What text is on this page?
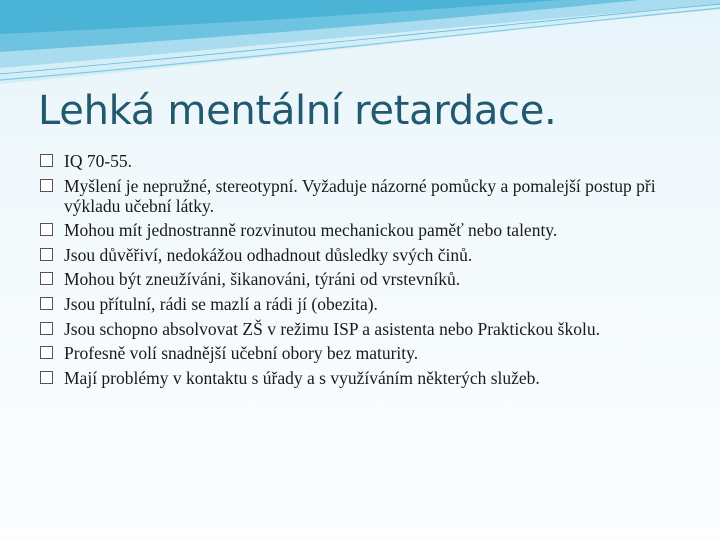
Lehká mentální retardace.
IQ 70-55.
Myšlení je nepružné, stereotypní. Vyžaduje názorné pomůcky a pomalejší postup při výkladu učební látky.
Mohou mít jednostranně rozvinutou mechanickou paměť nebo talenty.
Jsou důvěřiví, nedokážou odhadnout důsledky svých činů.
Mohou být zneužíváni, šikanováni, týráni od vrstevníků.
Jsou přítulní, rádi se mazlí a rádi jí (obezita).
Jsou schopno absolvovat ZŠ v režimu ISP a asistenta nebo Praktickou školu.
Profesně volí snadnější učební obory bez maturity.
Mají problémy v kontaktu s úřady a s využíváním některých služeb.
